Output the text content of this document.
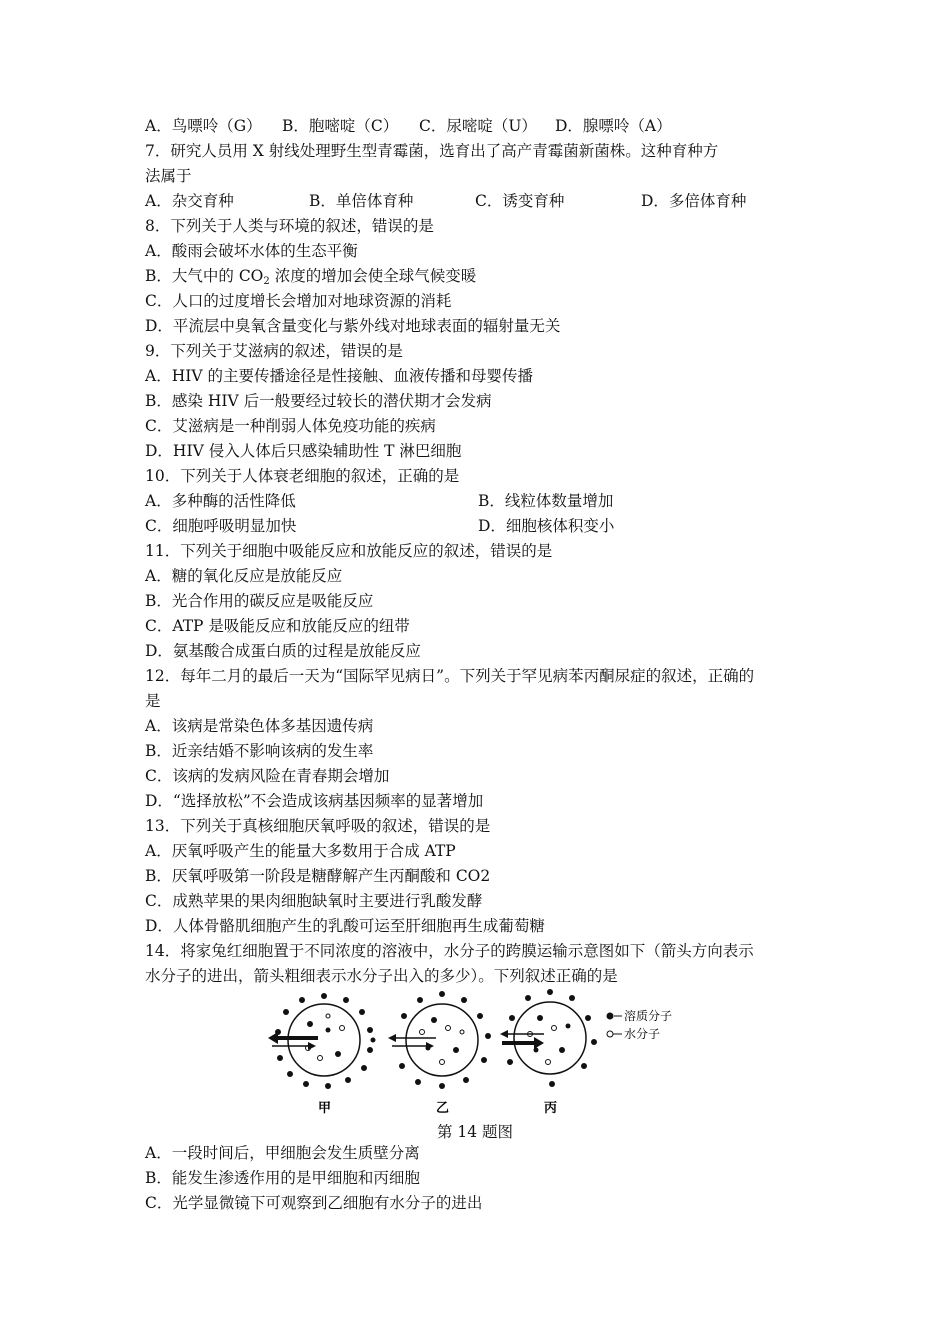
A．鸟嘌呤（G） B．胞嘧啶（C） C．尿嘧啶（U） D．腺嘌呤（A）
7．研究人员用 X 射线处理野生型青霉菌，选育出了高产青霉菌新菌株。这种育种方
法属于
A．杂交育种	B．单倍体育种	C．诱变育种	D．多倍体育种
8．下列关于人类与环境的叙述，错误的是
A．酸雨会破坏水体的生态平衡
B．大气中的 $CO_2$ 浓度的增加会使全球气候变暖
C．人口的过度增长会增加对地球资源的消耗
D．平流层中臭氧含量变化与紫外线对地球表面的辐射量无关
9．下列关于艾滋病的叙述，错误的是
A．HIV 的主要传播途径是性接触、血液传播和母婴传播
B．感染 HIV 后一般要经过较长的潜伏期才会发病
C．艾滋病是一种削弱人体免疫功能的疾病
D．HIV 侵入人体后只感染辅助性 T 淋巴细胞
10．下列关于人体衰老细胞的叙述，正确的是
A．多种酶的活性降低	B．线粒体数量增加
C．细胞呼吸明显加快	D．细胞核体积变小
11．下列关于细胞中吸能反应和放能反应的叙述，错误的是
A．糖的氧化反应是放能反应
B．光合作用的碳反应是吸能反应
C．ATP 是吸能反应和放能反应的纽带
D．氨基酸合成蛋白质的过程是放能反应
12．每年二月的最后一天为“国际罕见病日”。下列关于罕见病苯丙酮尿症的叙述，正确的
是
A．该病是常染色体多基因遗传病
B．近亲结婚不影响该病的发生率
C．该病的发病风险在青春期会增加
D．“选择放松”不会造成该病基因频率的显著增加
13．下列关于真核细胞厌氧呼吸的叙述，错误的是
A．厌氧呼吸产生的能量大多数用于合成 ATP
B．厌氧呼吸第一阶段是糖酵解产生丙酮酸和 CO2
C．成熟苹果的果肉细胞缺氧时主要进行乳酸发酵
D．人体骨骼肌细胞产生的乳酸可运至肝细胞再生成葡萄糖
14．将家兔红细胞置于不同浓度的溶液中，水分子的跨膜运输示意图如下（箭头方向表示
水分子的进出，箭头粗细表示水分子出入的多少）。下列叙述正确的是
溶质分子
水分子
甲	乙	丙
第 14 题图
A．一段时间后，甲细胞会发生质壁分离
B．能发生渗透作用的是甲细胞和丙细胞
C．光学显微镜下可观察到乙细胞有水分子的进出
